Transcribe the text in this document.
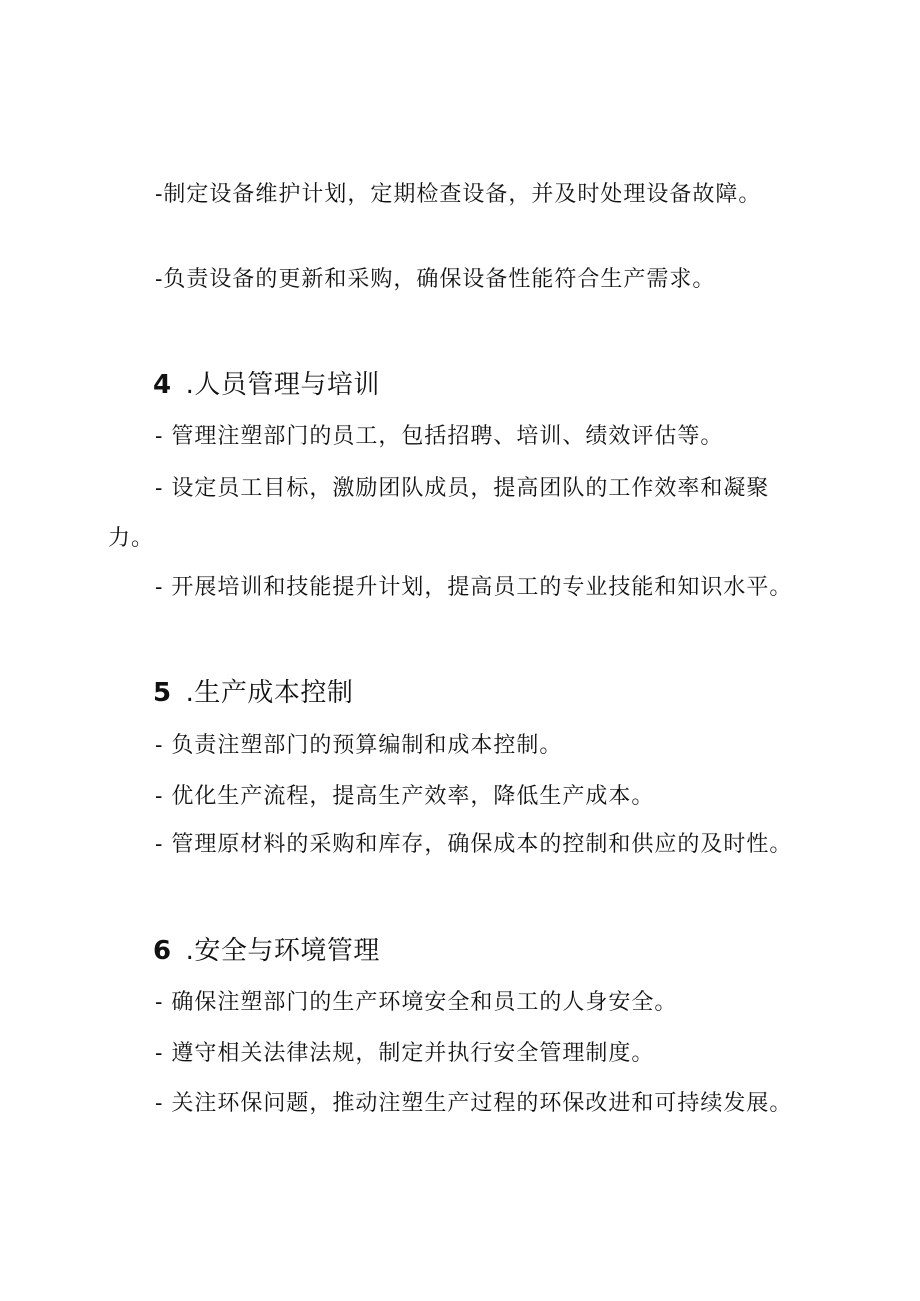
-制定设备维护计划，定期检查设备，并及时处理设备故障。
-负责设备的更新和采购，确保设备性能符合生产需求。
4 .人员管理与培训
- 管理注塑部门的员工，包括招聘、培训、绩效评估等。
- 设定员工目标，激励团队成员，提高团队的工作效率和凝聚
力。
- 开展培训和技能提升计划，提高员工的专业技能和知识水平。
5 .生产成本控制
- 负责注塑部门的预算编制和成本控制。
- 优化生产流程，提高生产效率，降低生产成本。
- 管理原材料的采购和库存，确保成本的控制和供应的及时性。
6 .安全与环境管理
- 确保注塑部门的生产环境安全和员工的人身安全。
- 遵守相关法律法规，制定并执行安全管理制度。
- 关注环保问题，推动注塑生产过程的环保改进和可持续发展。
